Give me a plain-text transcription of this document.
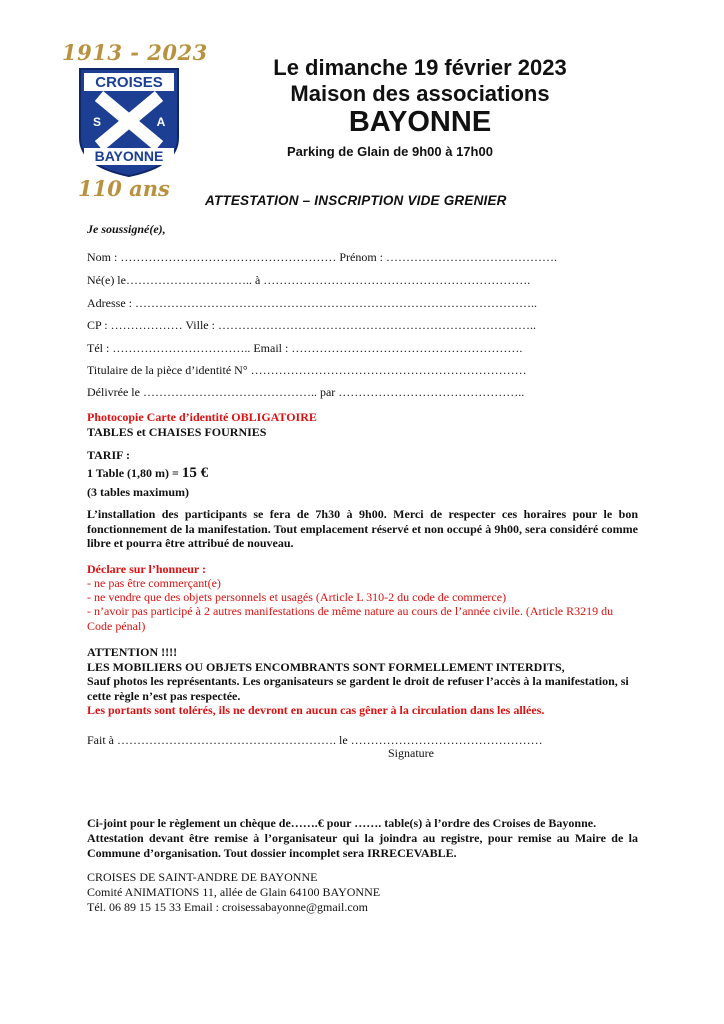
1913 - 2023
CROISES
S	A
BAYONNE
110 ans
Le dimanche 19 février 2023
Maison des associations
BAYONNE
Parking de Glain de 9h00 à 17h00
ATTESTATION – INSCRIPTION VIDE GRENIER
Je soussigné(e),
Nom : ……………………………………………… Prénom : …………………………………….
Né(e) le………………………….. à ………………………………………………………….
Adresse : ………………………………………………………………………………………..
CP : ……………… Ville : ……………………………………………………………………..
Tél : …………………………….. Email : ………………………………………………….
Titulaire de la pièce d’identité N° ……………………………………………………………
Délivrée le …………………………………….. par ………………………………………..
Photocopie Carte d’identité OBLIGATOIRE
TABLES et CHAISES FOURNIES
TARIF :
1 Table (1,80 m) = 15 €
(3 tables maximum)
L’installation des participants se fera de 7h30 à 9h00. Merci de respecter ces horaires pour le bon fonctionnement de la manifestation. Tout emplacement réservé et non occupé à 9h00, sera considéré comme libre et pourra être attribué de nouveau.
Déclare sur l’honneur :
- ne pas être commerçant(e)
- ne vendre que des objets personnels et usagés (Article L 310-2 du code de commerce)
- n’avoir pas participé à 2 autres manifestations de même nature au cours de l’année civile. (Article R3219 du Code pénal)
ATTENTION !!!!
LES MOBILIERS OU OBJETS ENCOMBRANTS SONT FORMELLEMENT INTERDITS,
Sauf photos les représentants. Les organisateurs se gardent le droit de refuser l’accès à la manifestation, si cette règle n’est pas respectée.
Les portants sont tolérés, ils ne devront en aucun cas gêner à la circulation dans les allées.
Fait à ………………………………………………. le …………………………………………
Signature
Ci-joint pour le règlement un chèque de…….€ pour ……. table(s) à l’ordre des Croises de Bayonne.
Attestation devant être remise à l’organisateur qui la joindra au registre, pour remise au Maire de la Commune d’organisation. Tout dossier incomplet sera IRRECEVABLE.
CROISES DE SAINT-ANDRE DE BAYONNE
Comité ANIMATIONS 11, allée de Glain 64100 BAYONNE
Tél. 06 89 15 15 33 Email : croisessabayonne@gmail.com
